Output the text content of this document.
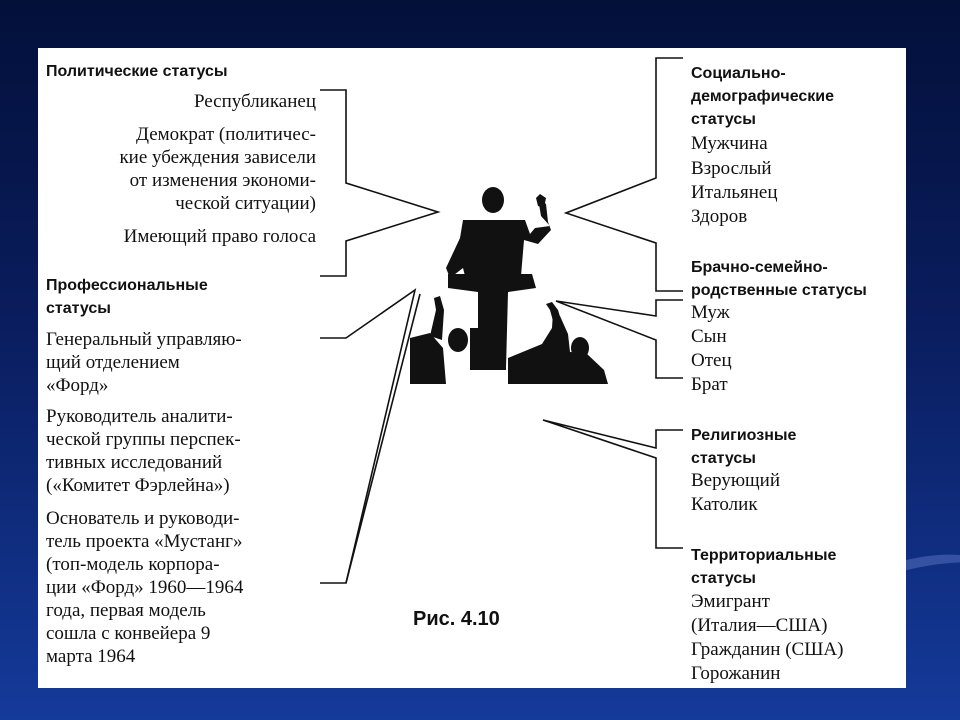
Политические статусы
Республиканец
Демократ (политичес-
кие убеждения зависели
от изменения экономи-
ческой ситуации)
Имеющий право голоса
Профессиональные
статусы
Генеральный управляю-
щий отделением
«Форд»
Руководитель аналити-
ческой группы перспек-
тивных исследований
(«Комитет Фэрлейна»)
Основатель и руководи-
тель проекта «Мустанг»
(топ-модель корпора-
ции «Форд» 1960—1964
года, первая модель
сошла с конвейера 9
марта 1964
Социально-
демографические
статусы
Мужчина
Взрослый
Итальянец
Здоров
Брачно-семейно-
родственные статусы
Муж
Сын
Отец
Брат
Религиозные
статусы
Верующий
Католик
Территориальные
статусы
Эмигрант
(Италия—США)
Гражданин (США)
Горожанин
Рис. 4.10
